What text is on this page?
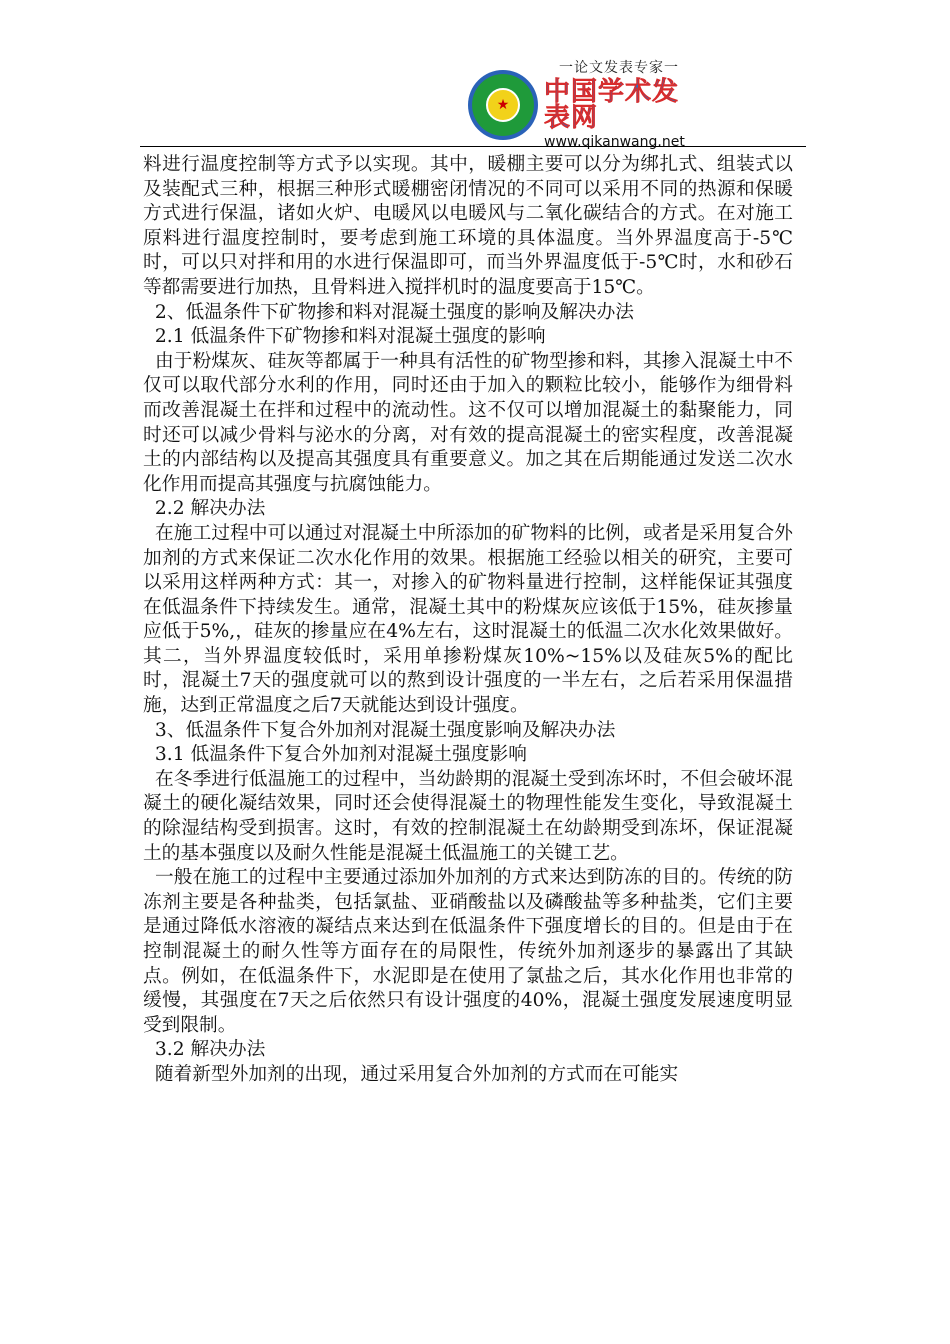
★
一论文发表专家一
中国学术发表网
www.qikanwang.net

料进行温度控制等方式予以实现。其中，暖棚主要可以分为绑扎式、组装式以及装配式三种，根据三种形式暖棚密闭情况的不同可以采用不同的热源和保暖方式进行保温，诸如火炉、电暖风以电暖风与二氧化碳结合的方式。在对施工原料进行温度控制时，要考虑到施工环境的具体温度。当外界温度高于-5℃时，可以只对拌和用的水进行保温即可，而当外界温度低于-5℃时，水和砂石等都需要进行加热，且骨料进入搅拌机时的温度要高于15℃。

2、低温条件下矿物掺和料对混凝土强度的影响及解决办法

2.1 低温条件下矿物掺和料对混凝土强度的影响

由于粉煤灰、硅灰等都属于一种具有活性的矿物型掺和料，其掺入混凝土中不仅可以取代部分水利的作用，同时还由于加入的颗粒比较小，能够作为细骨料而改善混凝土在拌和过程中的流动性。这不仅可以增加混凝土的黏聚能力，同时还可以减少骨料与泌水的分离，对有效的提高混凝土的密实程度，改善混凝土的内部结构以及提高其强度具有重要意义。加之其在后期能通过发送二次水化作用而提高其强度与抗腐蚀能力。

2.2 解决办法

在施工过程中可以通过对混凝土中所添加的矿物料的比例，或者是采用复合外加剂的方式来保证二次水化作用的效果。根据施工经验以相关的研究，主要可以采用这样两种方式：其一，对掺入的矿物料量进行控制，这样能保证其强度在低温条件下持续发生。通常，混凝土其中的粉煤灰应该低于15%，硅灰掺量应低于5%,，硅灰的掺量应在4%左右，这时混凝土的低温二次水化效果做好。其二，当外界温度较低时，采用单掺粉煤灰10%~15%以及硅灰5%的配比时，混凝土7天的强度就可以的熬到设计强度的一半左右，之后若采用保温措施，达到正常温度之后7天就能达到设计强度。

3、低温条件下复合外加剂对混凝土强度影响及解决办法

3.1 低温条件下复合外加剂对混凝土强度影响

在冬季进行低温施工的过程中，当幼龄期的混凝土受到冻坏时，不但会破坏混凝土的硬化凝结效果，同时还会使得混凝土的物理性能发生变化，导致混凝土的除湿结构受到损害。这时，有效的控制混凝土在幼龄期受到冻坏，保证混凝土的基本强度以及耐久性能是混凝土低温施工的关键工艺。

一般在施工的过程中主要通过添加外加剂的方式来达到防冻的目的。传统的防冻剂主要是各种盐类，包括氯盐、亚硝酸盐以及磷酸盐等多种盐类，它们主要是通过降低水溶液的凝结点来达到在低温条件下强度增长的目的。但是由于在控制混凝土的耐久性等方面存在的局限性，传统外加剂逐步的暴露出了其缺点。例如，在低温条件下，水泥即是在使用了氯盐之后，其水化作用也非常的缓慢，其强度在7天之后依然只有设计强度的40%，混凝土强度发展速度明显受到限制。

3.2 解决办法

随着新型外加剂的出现，通过采用复合外加剂的方式而在可能实
